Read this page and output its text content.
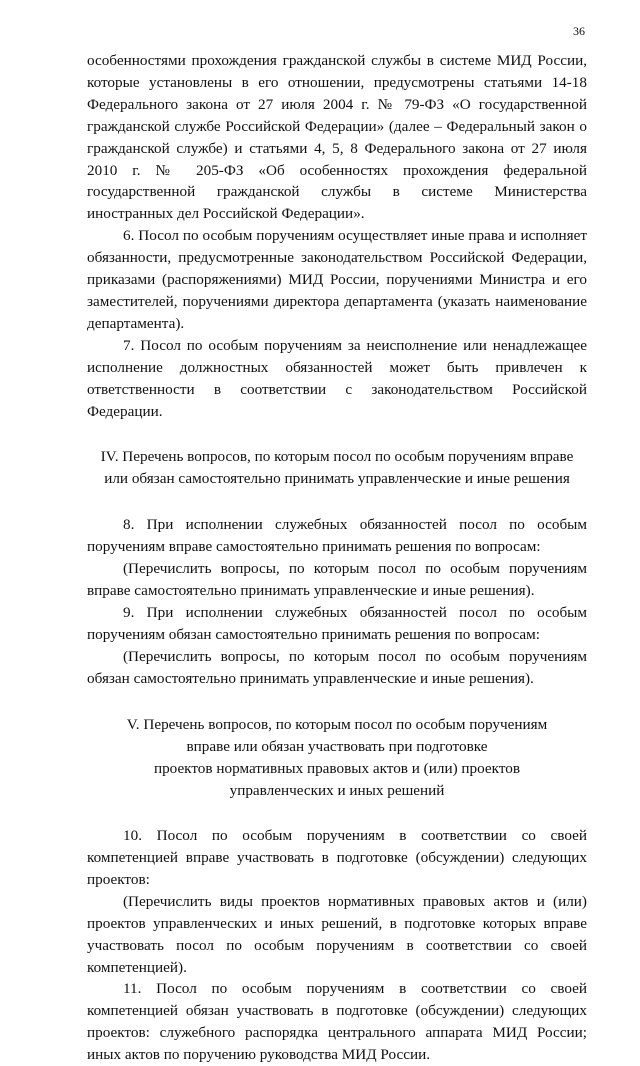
36

особенностями прохождения гражданской службы в системе МИД России, которые установлены в его отношении, предусмотрены статьями 14-18 Федерального закона от 27 июля 2004 г. № 79-ФЗ «О государственной гражданской службе Российской Федерации» (далее – Федеральный закон о гражданской службе) и статьями 4, 5, 8 Федерального закона от 27 июля 2010 г. № 205-ФЗ «Об особенностях прохождения федеральной государственной гражданской службы в системе Министерства иностранных дел Российской Федерации».

6. Посол по особым поручениям осуществляет иные права и исполняет обязанности, предусмотренные законодательством Российской Федерации, приказами (распоряжениями) МИД России, поручениями Министра и его заместителей, поручениями директора департамента (указать наименование департамента).

7. Посол по особым поручениям за неисполнение или ненадлежащее исполнение должностных обязанностей может быть привлечен к ответственности в соответствии с законодательством Российской Федерации.

IV. Перечень вопросов, по которым посол по особым поручениям вправе или обязан самостоятельно принимать управленческие и иные решения

8. При исполнении служебных обязанностей посол по особым поручениям вправе самостоятельно принимать решения по вопросам:

(Перечислить вопросы, по которым посол по особым поручениям вправе самостоятельно принимать управленческие и иные решения).

9. При исполнении служебных обязанностей посол по особым поручениям обязан самостоятельно принимать решения по вопросам:

(Перечислить вопросы, по которым посол по особым поручениям обязан самостоятельно принимать управленческие и иные решения).

V. Перечень вопросов, по которым посол по особым поручениям
вправе или обязан участвовать при подготовке
проектов нормативных правовых актов и (или) проектов
управленческих и иных решений

10. Посол по особым поручениям в соответствии со своей компетенцией вправе участвовать в подготовке (обсуждении) следующих проектов:

(Перечислить виды проектов нормативных правовых актов и (или) проектов управленческих и иных решений, в подготовке которых вправе участвовать посол по особым поручениям в соответствии со своей компетенцией).

11. Посол по особым поручениям в соответствии со своей компетенцией обязан участвовать в подготовке (обсуждении) следующих проектов: служебного распорядка центрального аппарата МИД России; иных актов по поручению руководства МИД России.
